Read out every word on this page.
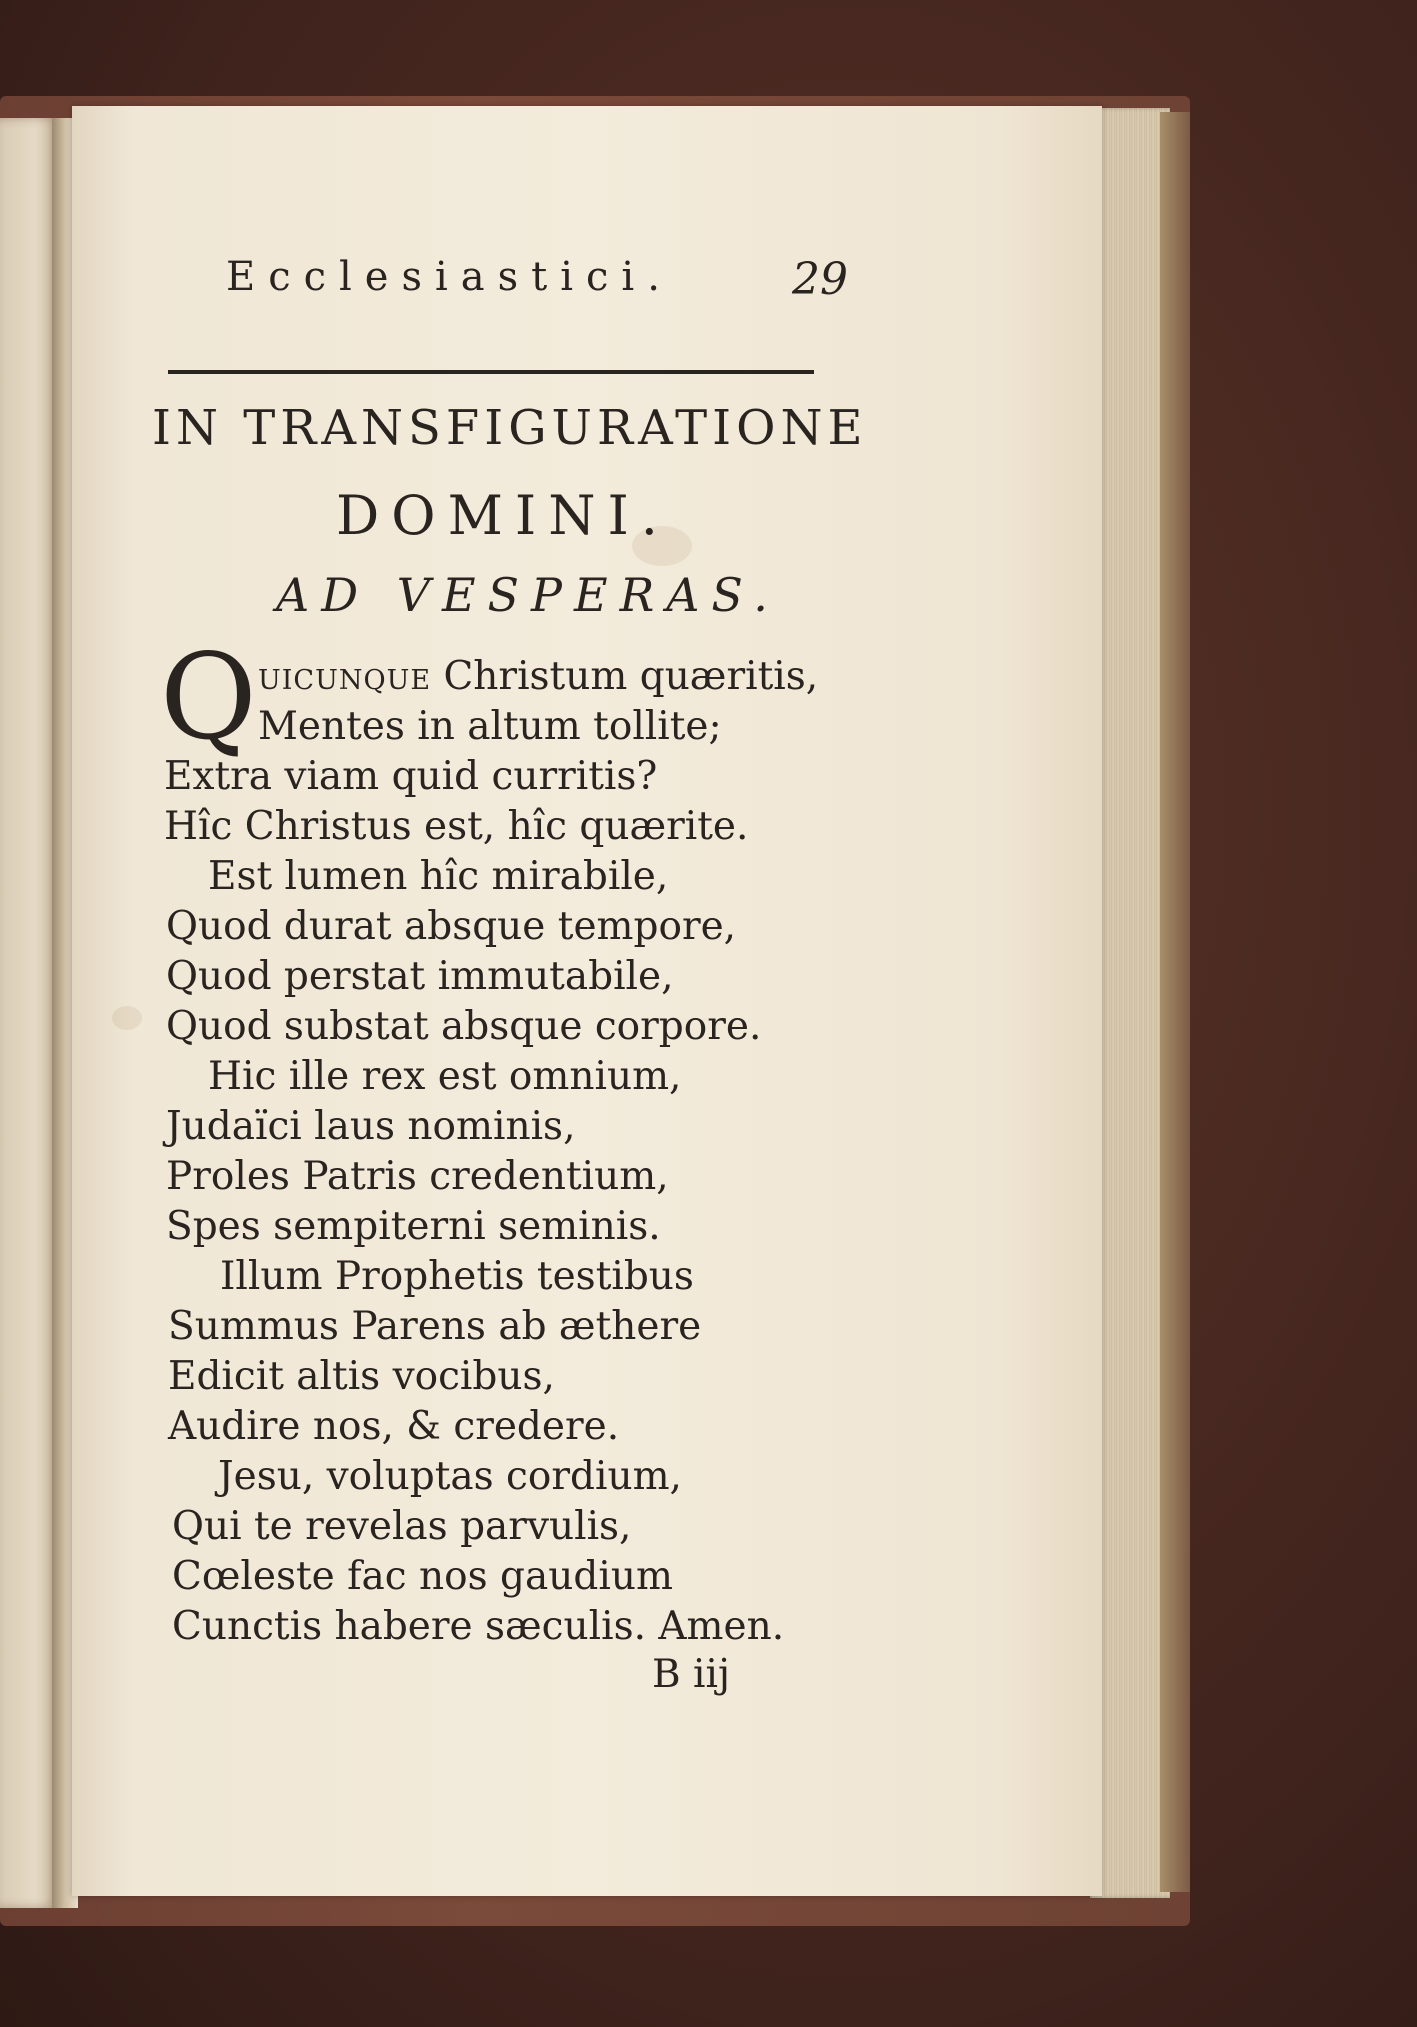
Ecclesiastici.	29
IN TRANSFIGURATIONE
DOMINI.
AD VESPERAS.
Q uicunque Christum quæritis,
Mentes in altum tollite;
Extra viam quid curritis?
Hîc Christus est, hîc quærite.
Est lumen hîc mirabile,
Quod durat absque tempore,
Quod perstat immutabile,
Quod substat absque corpore.
Hic ille rex est omnium,
Judaïci laus nominis,
Proles Patris credentium,
Spes sempiterni seminis.
Illum Prophetis testibus
Summus Parens ab æthere
Edicit altis vocibus,
Audire nos, & credere.
Jesu, voluptas cordium,
Qui te revelas parvulis,
Cœleste fac nos gaudium
Cunctis habere sæculis. Amen.
B iij
